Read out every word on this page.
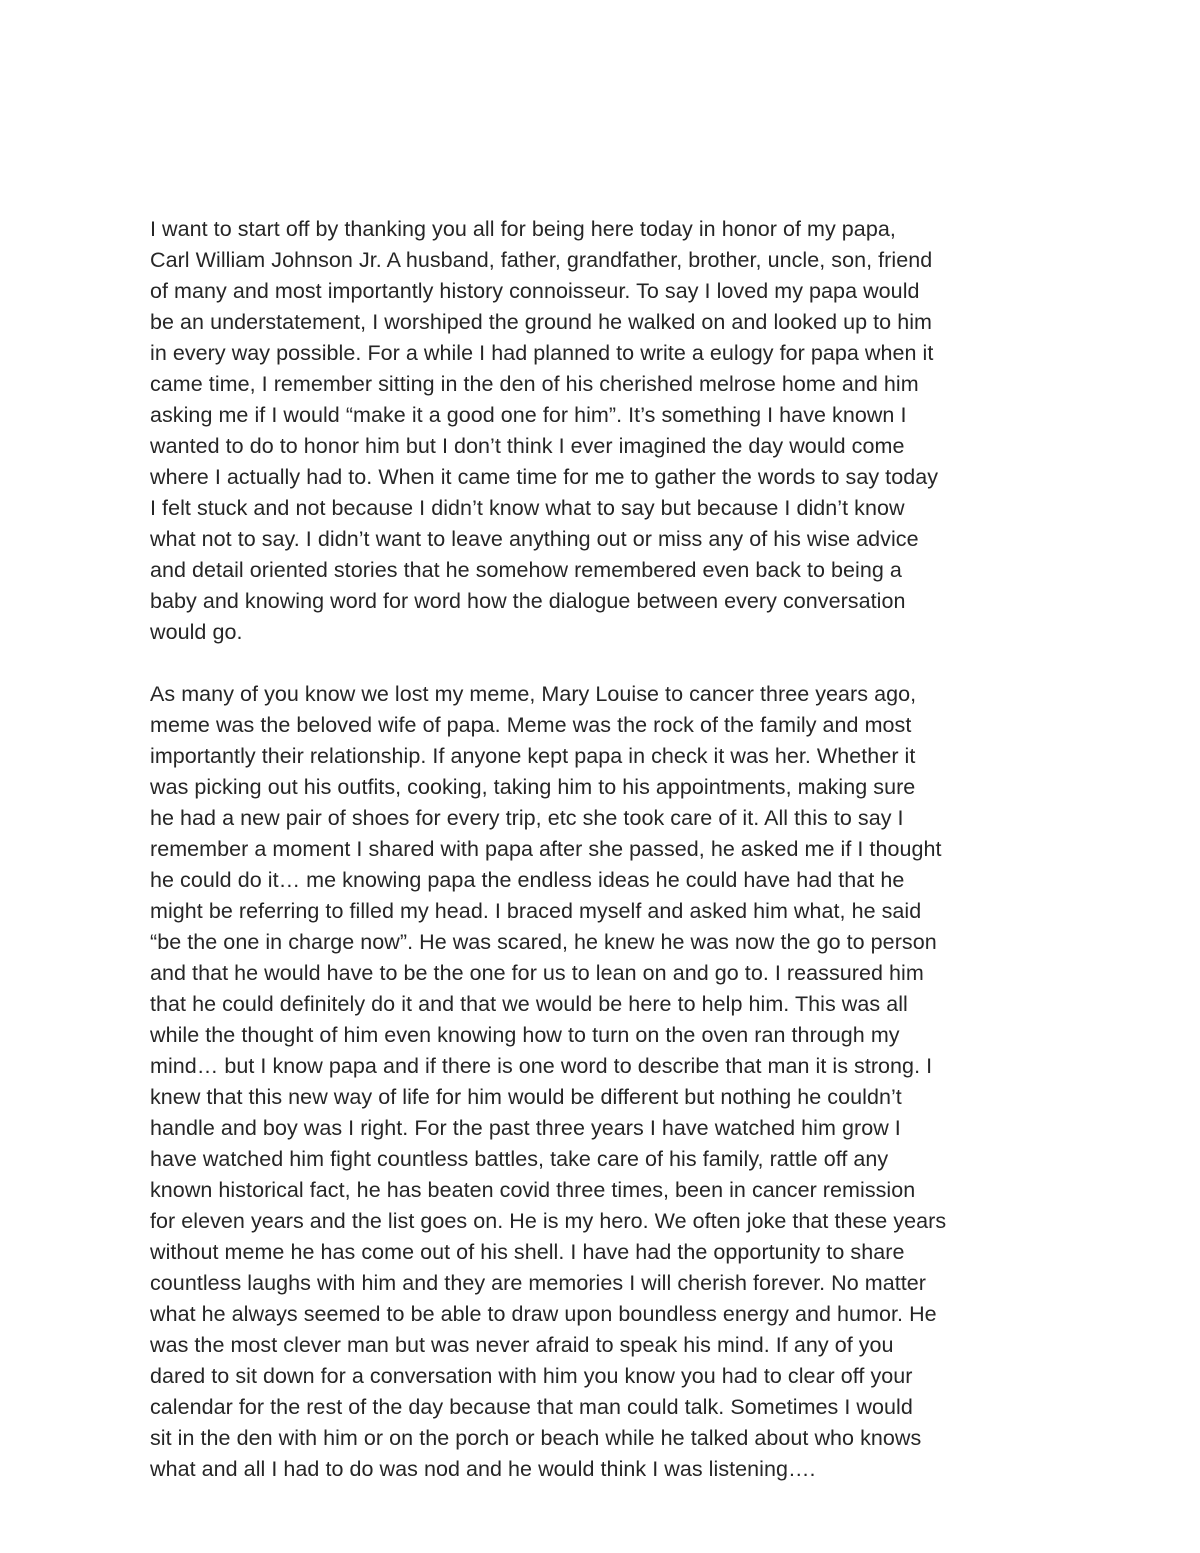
I want to start off by thanking you all for being here today in honor of my papa,
Carl William Johnson Jr. A husband, father, grandfather, brother, uncle, son, friend
of many and most importantly history connoisseur. To say I loved my papa would
be an understatement, I worshiped the ground he walked on and looked up to him
in every way possible. For a while I had planned to write a eulogy for papa when it
came time, I remember sitting in the den of his cherished melrose home and him
asking me if I would “make it a good one for him”. It’s something I have known I
wanted to do to honor him but I don’t think I ever imagined the day would come
where I actually had to. When it came time for me to gather the words to say today
I felt stuck and not because I didn’t know what to say but because I didn’t know
what not to say. I didn’t want to leave anything out or miss any of his wise advice
and detail oriented stories that he somehow remembered even back to being a
baby and knowing word for word how the dialogue between every conversation
would go.
As many of you know we lost my meme, Mary Louise to cancer three years ago,
meme was the beloved wife of papa. Meme was the rock of the family and most
importantly their relationship. If anyone kept papa in check it was her. Whether it
was picking out his outfits, cooking, taking him to his appointments, making sure
he had a new pair of shoes for every trip, etc she took care of it. All this to say I
remember a moment I shared with papa after she passed, he asked me if I thought
he could do it… me knowing papa the endless ideas he could have had that he
might be referring to filled my head. I braced myself and asked him what, he said
“be the one in charge now”. He was scared, he knew he was now the go to person
and that he would have to be the one for us to lean on and go to. I reassured him
that he could definitely do it and that we would be here to help him. This was all
while the thought of him even knowing how to turn on the oven ran through my
mind… but I know papa and if there is one word to describe that man it is strong. I
knew that this new way of life for him would be different but nothing he couldn’t
handle and boy was I right. For the past three years I have watched him grow I
have watched him fight countless battles, take care of his family, rattle off any
known historical fact, he has beaten covid three times, been in cancer remission
for eleven years and the list goes on. He is my hero. We often joke that these years
without meme he has come out of his shell. I have had the opportunity to share
countless laughs with him and they are memories I will cherish forever. No matter
what he always seemed to be able to draw upon boundless energy and humor. He
was the most clever man but was never afraid to speak his mind. If any of you
dared to sit down for a conversation with him you know you had to clear off your
calendar for the rest of the day because that man could talk. Sometimes I would
sit in the den with him or on the porch or beach while he talked about who knows
what and all I had to do was nod and he would think I was listening….
